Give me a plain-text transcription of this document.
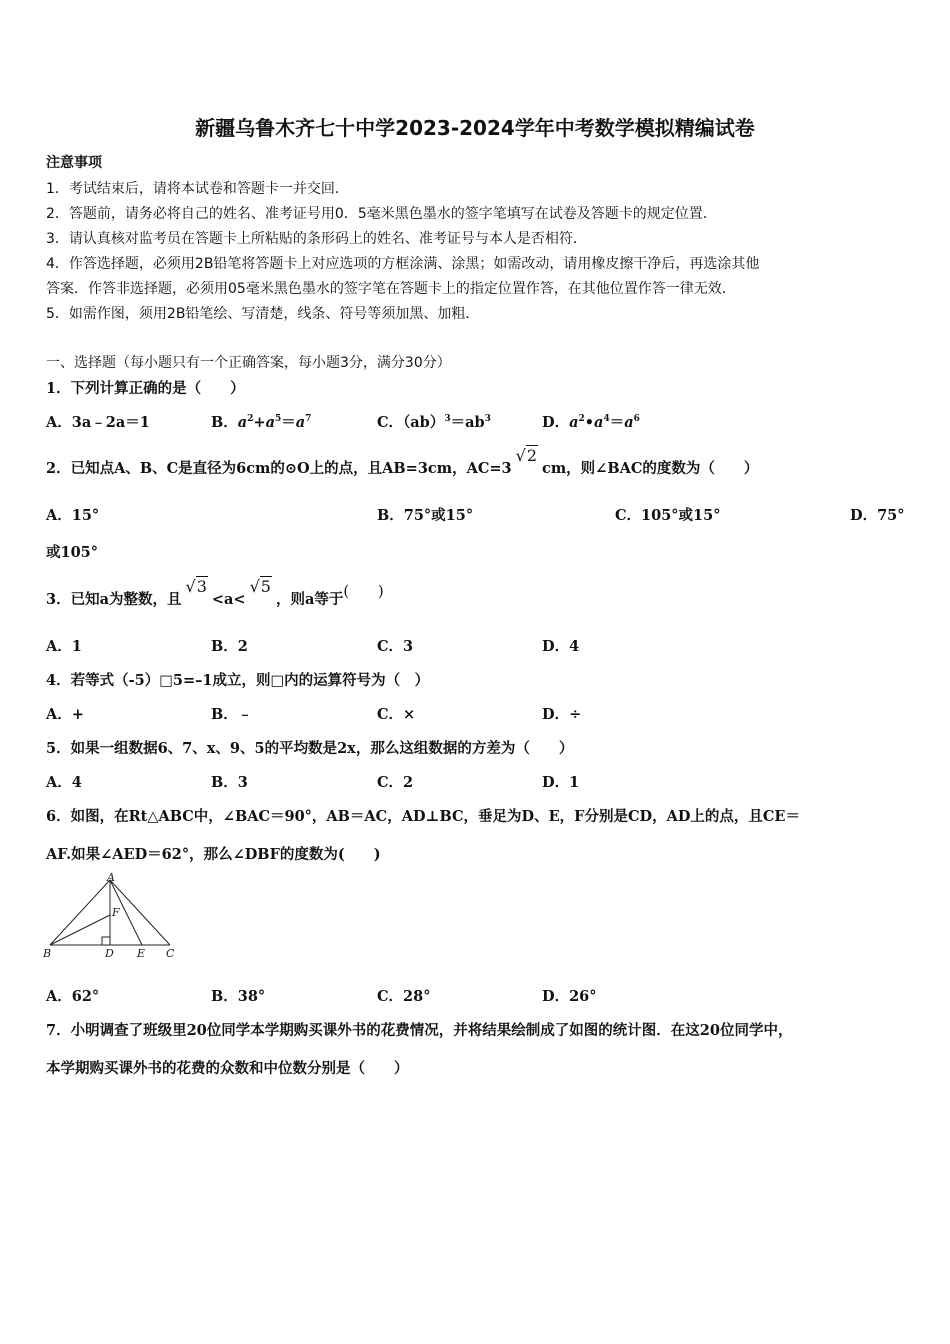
新疆乌鲁木齐七十中学2023-2024学年中考数学模拟精编试卷
注意事项
1．考试结束后，请将本试卷和答题卡一并交回．
2．答题前，请务必将自己的姓名、准考证号用0．5毫米黑色墨水的签字笔填写在试卷及答题卡的规定位置．
3．请认真核对监考员在答题卡上所粘贴的条形码上的姓名、准考证号与本人是否相符．
4．作答选择题，必须用2B铅笔将答题卡上对应选项的方框涂满、涂黑；如需改动，请用橡皮擦干净后，再选涂其他
答案．作答非选择题，必须用05毫米黑色墨水的签字笔在答题卡上的指定位置作答，在其他位置作答一律无效．
5．如需作图，须用2B铅笔绘、写清楚，线条、符号等须加黑、加粗．
一、选择题（每小题只有一个正确答案，每小题3分，满分30分）
1．下列计算正确的是（　　）
A．3a﹣2a＝1	B．$a^2+a^5=a^7$	C．$(ab)^3=ab^3$	D．$a^2•a^4=a^6$
2．已知点A、B、C是直径为6cm的⊙O上的点，且AB=3cm，AC=3√2cm，则∠BAC的度数为（　　）
A．15°	B．75°或15°	C．105°或15°	D．75°
或105°
3．已知a为整数，且√3<a<√5，则a等于(　　)
A．1	B．2	C．3	D．4
4．若等式（-5）□5=–1成立，则□内的运算符号为（　）
A．+	B．﹣	C．×	D．÷
5．如果一组数据6、7、x、9、5的平均数是2x，那么这组数据的方差为（　　）
A．4	B．3	C．2	D．1
6．如图，在Rt△ABC中，∠BAC＝90°，AB＝AC，AD⊥BC，垂足为D、E，F分别是CD，AD上的点，且CE＝
AF.如果∠AED＝62°，那么∠DBF的度数为(　　)
A
B	C
D E
F
A．62°	B．38°	C．28°	D．26°
7．小明调查了班级里20位同学本学期购买课外书的花费情况，并将结果绘制成了如图的统计图．在这20位同学中，
本学期购买课外书的花费的众数和中位数分别是（　　）
